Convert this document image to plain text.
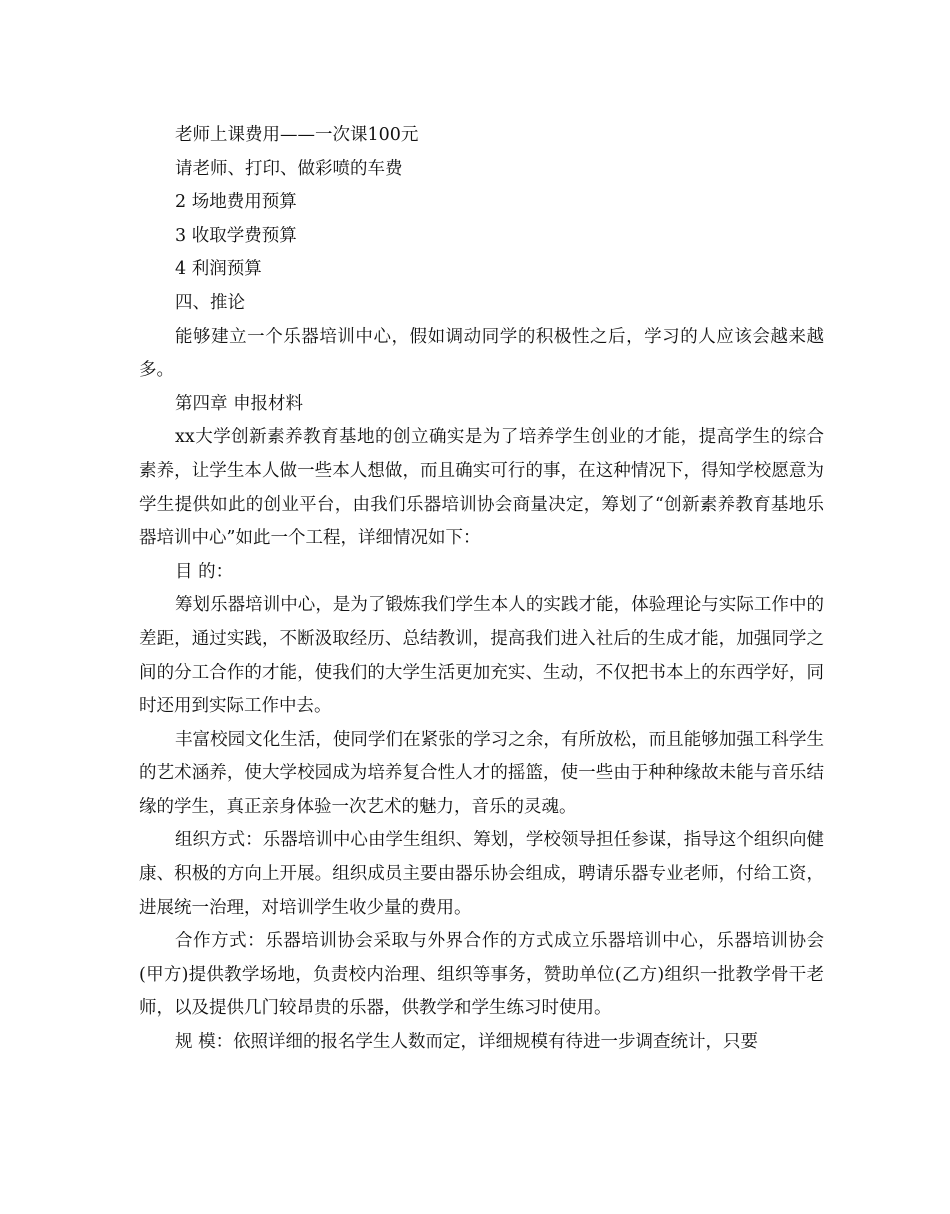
老师上课费用——一次课100元

请老师、打印、做彩喷的车费

2 场地费用预算

3 收取学费预算

4 利润预算

四、推论

能够建立一个乐器培训中心，假如调动同学的积极性之后，学习的人应该会越来越多。

第四章 申报材料

xx大学创新素养教育基地的创立确实是为了培养学生创业的才能，提高学生的综合素养，让学生本人做一些本人想做，而且确实可行的事，在这种情况下，得知学校愿意为学生提供如此的创业平台，由我们乐器培训协会商量决定，筹划了“创新素养教育基地乐器培训中心”如此一个工程，详细情况如下：

目 的：

筹划乐器培训中心，是为了锻炼我们学生本人的实践才能，体验理论与实际工作中的差距，通过实践，不断汲取经历、总结教训，提高我们进入社后的生成才能，加强同学之间的分工合作的才能，使我们的大学生活更加充实、生动，不仅把书本上的东西学好，同时还用到实际工作中去。

丰富校园文化生活，使同学们在紧张的学习之余，有所放松，而且能够加强工科学生的艺术涵养，使大学校园成为培养复合性人才的摇篮，使一些由于种种缘故未能与音乐结缘的学生，真正亲身体验一次艺术的魅力，音乐的灵魂。

组织方式：乐器培训中心由学生组织、筹划，学校领导担任参谋，指导这个组织向健康、积极的方向上开展。组织成员主要由器乐协会组成，聘请乐器专业老师，付给工资，进展统一治理，对培训学生收少量的费用。

合作方式：乐器培训协会采取与外界合作的方式成立乐器培训中心，乐器培训协会(甲方)提供教学场地，负责校内治理、组织等事务，赞助单位(乙方)组织一批教学骨干老师，以及提供几门较昂贵的乐器，供教学和学生练习时使用。

规 模：依照详细的报名学生人数而定，详细规模有待进一步调查统计，只要
